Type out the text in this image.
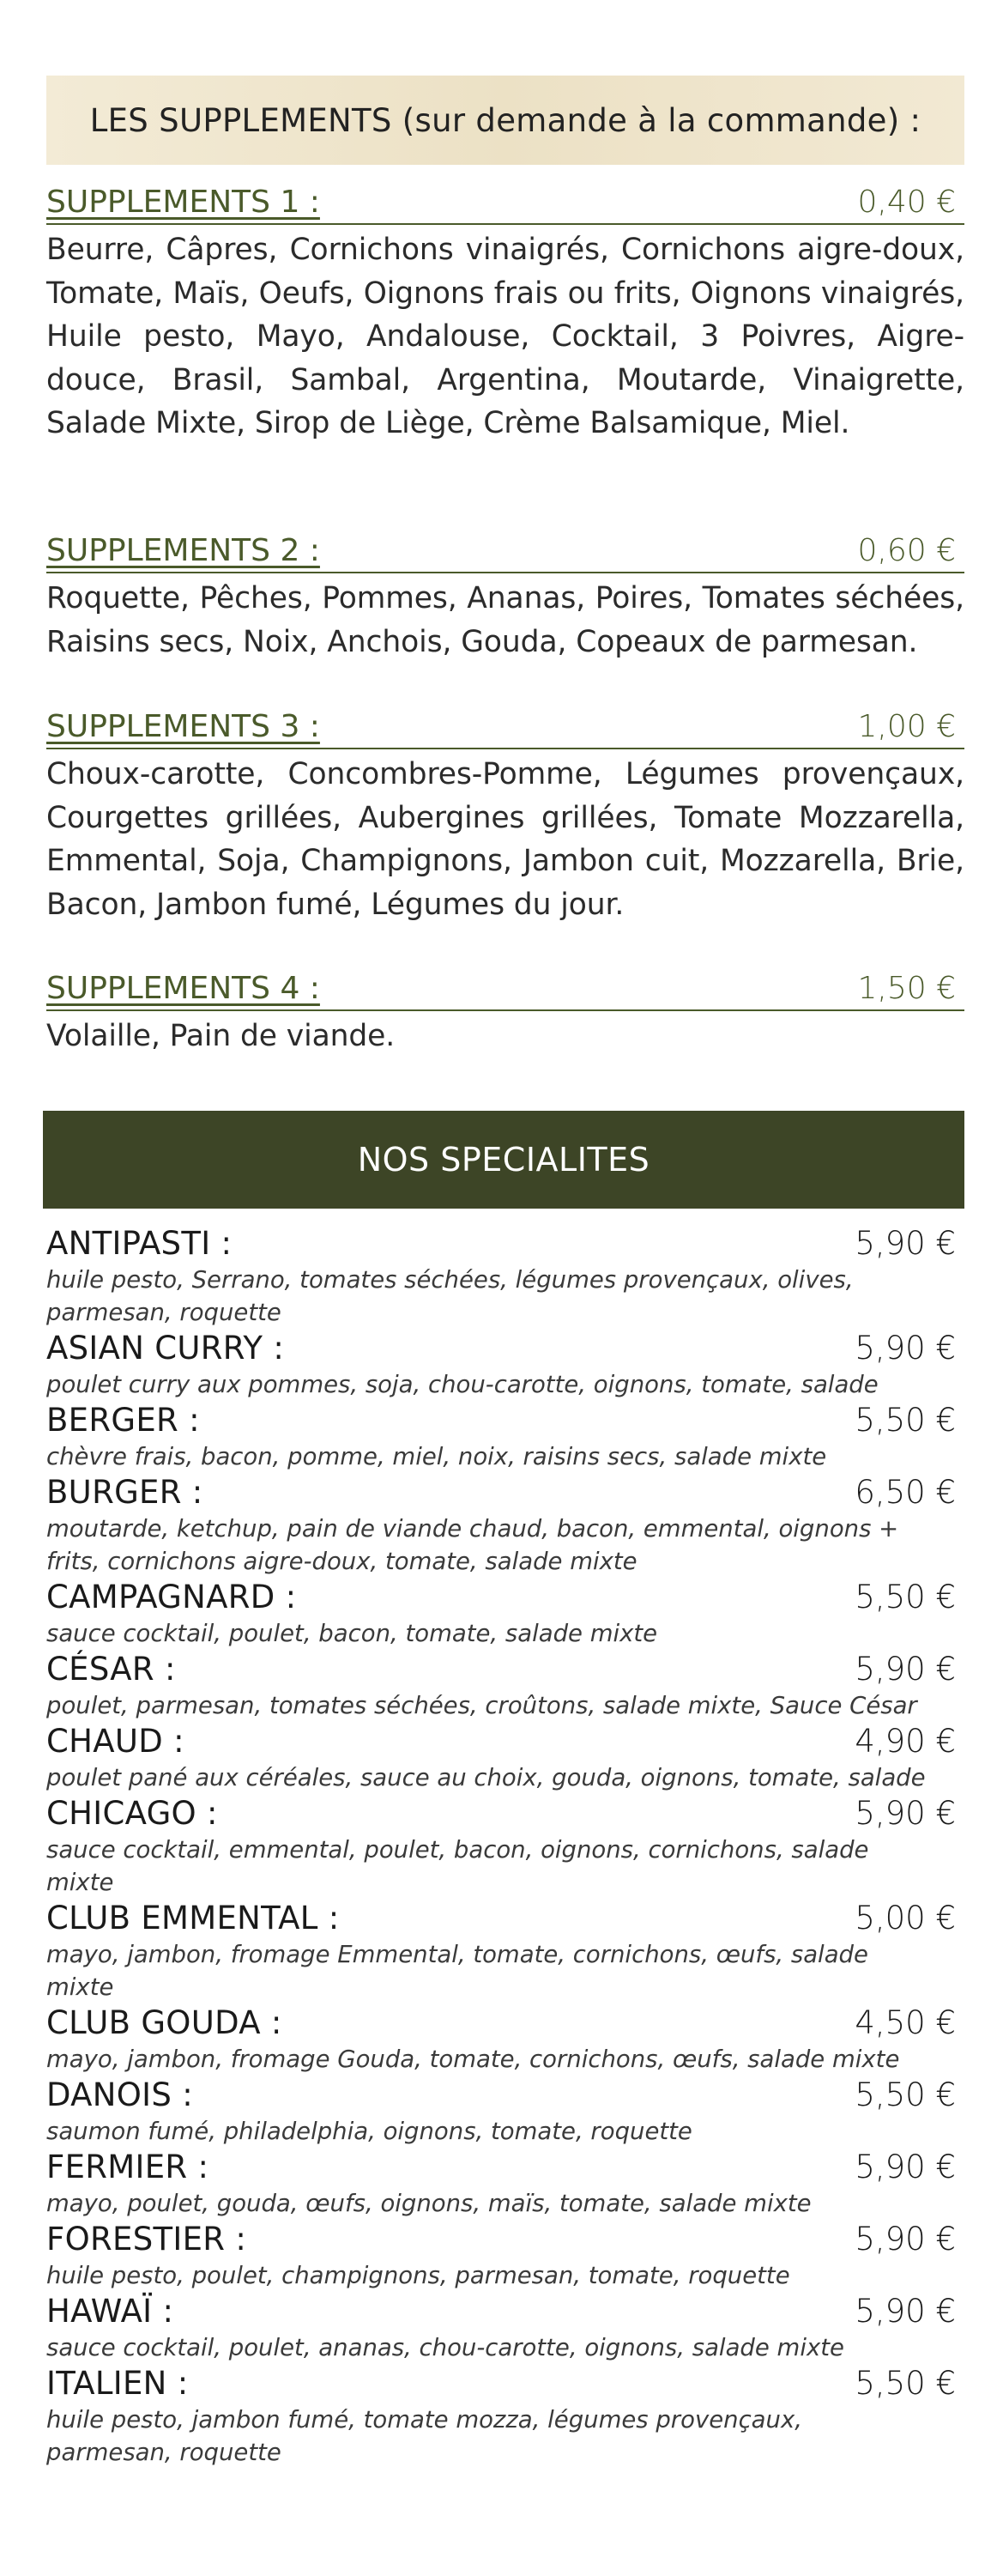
LES SUPPLEMENTS (sur demande à la commande) :
SUPPLEMENTS 1 :	0,40 €
Beurre, Câpres, Cornichons vinaigrés, Cornichons aigre-doux, Tomate, Maïs, Oeufs, Oignons frais ou frits, Oignons vinaigrés, Huile pesto, Mayo, Andalouse, Cocktail, 3 Poivres, Aigre-douce, Brasil, Sambal, Argentina, Moutarde, Vinaigrette, Salade Mixte, Sirop de Liège, Crème Balsamique, Miel.
SUPPLEMENTS 2 :	0,60 €
Roquette, Pêches, Pommes, Ananas, Poires, Tomates séchées, Raisins secs, Noix, Anchois, Gouda, Copeaux de parmesan.
SUPPLEMENTS 3 :	1,00 €
Choux-carotte, Concombres-Pomme, Légumes provençaux, Courgettes grillées, Aubergines grillées, Tomate Mozzarella, Emmental, Soja, Champignons, Jambon cuit, Mozzarella, Brie, Bacon, Jambon fumé, Légumes du jour.
SUPPLEMENTS 4 :	1,50 €
Volaille, Pain de viande.
NOS SPECIALITES
ANTIPASTI :	5,90 €
huile pesto, Serrano, tomates séchées, légumes provençaux, olives, parmesan, roquette
ASIAN CURRY :	5,90 €
poulet curry aux pommes, soja, chou-carotte, oignons, tomate, salade
BERGER :	5,50 €
chèvre frais, bacon, pomme, miel, noix, raisins secs, salade mixte
BURGER :	6,50 €
moutarde, ketchup, pain de viande chaud, bacon, emmental, oignons + frits, cornichons aigre-doux, tomate, salade mixte
CAMPAGNARD :	5,50 €
sauce cocktail, poulet, bacon, tomate, salade mixte
CÉSAR :	5,90 €
poulet, parmesan, tomates séchées, croûtons, salade mixte, Sauce César
CHAUD :	4,90 €
poulet pané aux céréales, sauce au choix, gouda, oignons, tomate, salade
CHICAGO :	5,90 €
sauce cocktail, emmental, poulet, bacon, oignons, cornichons, salade mixte
CLUB EMMENTAL :	5,00 €
mayo, jambon, fromage Emmental, tomate, cornichons, œufs, salade mixte
CLUB GOUDA :	4,50 €
mayo, jambon, fromage Gouda, tomate, cornichons, œufs, salade mixte
DANOIS :	5,50 €
saumon fumé, philadelphia, oignons, tomate, roquette
FERMIER :	5,90 €
mayo, poulet, gouda, œufs, oignons, maïs, tomate, salade mixte
FORESTIER :	5,90 €
huile pesto, poulet, champignons, parmesan, tomate, roquette
HAWAÏ :	5,90 €
sauce cocktail, poulet, ananas, chou-carotte, oignons, salade mixte
ITALIEN :	5,50 €
huile pesto, jambon fumé, tomate mozza, légumes provençaux, parmesan, roquette
